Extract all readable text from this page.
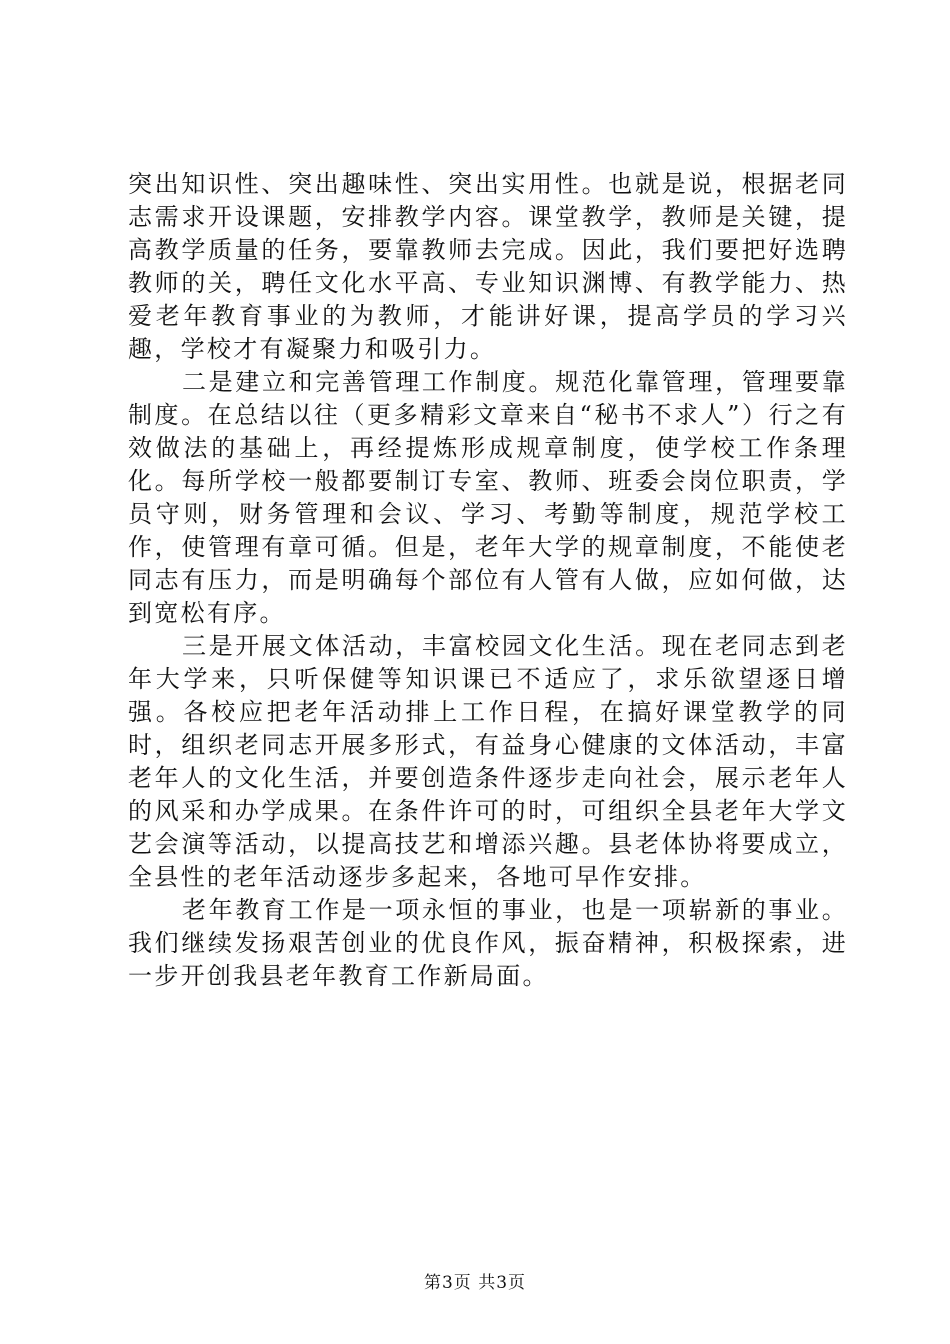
突出知识性、突出趣味性、突出实用性。也就是说，根据老同志需求开设课题，安排教学内容。课堂教学，教师是关键，提高教学质量的任务，要靠教师去完成。因此，我们要把好选聘教师的关，聘任文化水平高、专业知识渊博、有教学能力、热爱老年教育事业的为教师，才能讲好课，提高学员的学习兴趣，学校才有凝聚力和吸引力。

二是建立和完善管理工作制度。规范化靠管理，管理要靠制度。在总结以往（更多精彩文章来自“秘书不求人”）行之有效做法的基础上，再经提炼形成规章制度，使学校工作条理化。每所学校一般都要制订专室、教师、班委会岗位职责，学员守则，财务管理和会议、学习、考勤等制度，规范学校工作，使管理有章可循。但是，老年大学的规章制度，不能使老同志有压力，而是明确每个部位有人管有人做，应如何做，达到宽松有序。

三是开展文体活动，丰富校园文化生活。现在老同志到老年大学来，只听保健等知识课已不适应了，求乐欲望逐日增强。各校应把老年活动排上工作日程，在搞好课堂教学的同时，组织老同志开展多形式，有益身心健康的文体活动，丰富老年人的文化生活，并要创造条件逐步走向社会，展示老年人的风采和办学成果。在条件许可的时，可组织全县老年大学文艺会演等活动，以提高技艺和增添兴趣。县老体协将要成立，全县性的老年活动逐步多起来，各地可早作安排。

老年教育工作是一项永恒的事业，也是一项崭新的事业。我们继续发扬艰苦创业的优良作风，振奋精神，积极探索，进一步开创我县老年教育工作新局面。

第3页 共3页
